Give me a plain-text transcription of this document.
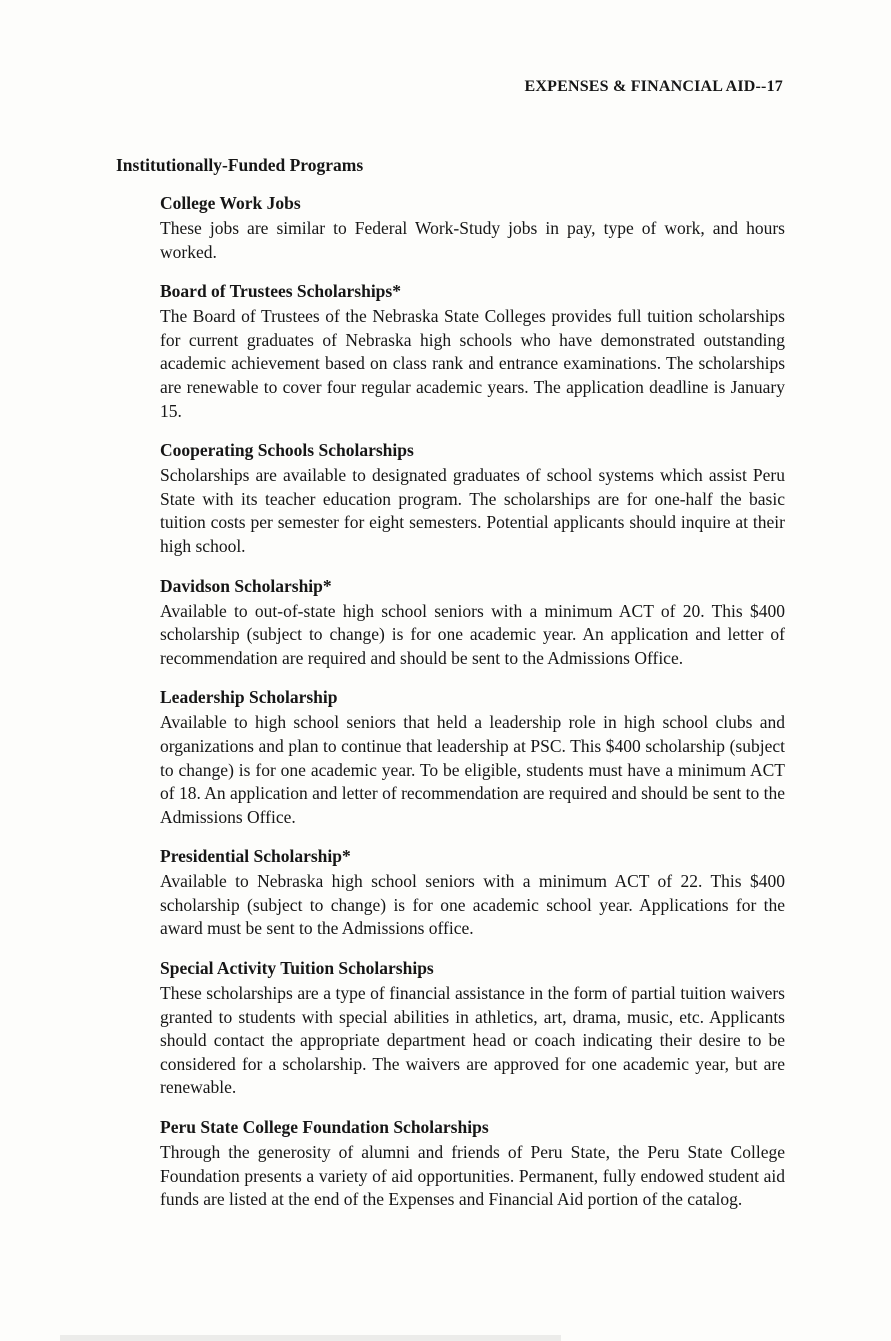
EXPENSES & FINANCIAL AID--17
Institutionally-Funded Programs
College Work Jobs

These jobs are similar to Federal Work-Study jobs in pay, type of work, and hours worked.

Board of Trustees Scholarships*

The Board of Trustees of the Nebraska State Colleges provides full tuition scholarships for current graduates of Nebraska high schools who have demonstrated outstanding academic achievement based on class rank and entrance examinations. The scholarships are renewable to cover four regular academic years. The application deadline is January 15.

Cooperating Schools Scholarships

Scholarships are available to designated graduates of school systems which assist Peru State with its teacher education program. The scholarships are for one-half the basic tuition costs per semester for eight semesters. Potential applicants should inquire at their high school.

Davidson Scholarship*

Available to out-of-state high school seniors with a minimum ACT of 20. This $400 scholarship (subject to change) is for one academic year. An application and letter of recommendation are required and should be sent to the Admissions Office.

Leadership Scholarship

Available to high school seniors that held a leadership role in high school clubs and organizations and plan to continue that leadership at PSC. This $400 scholarship (subject to change) is for one academic year. To be eligible, students must have a minimum ACT of 18. An application and letter of recommendation are required and should be sent to the Admissions Office.

Presidential Scholarship*

Available to Nebraska high school seniors with a minimum ACT of 22. This $400 scholarship (subject to change) is for one academic school year. Applications for the award must be sent to the Admissions office.

Special Activity Tuition Scholarships

These scholarships are a type of financial assistance in the form of partial tuition waivers granted to students with special abilities in athletics, art, drama, music, etc. Applicants should contact the appropriate department head or coach indicating their desire to be considered for a scholarship. The waivers are approved for one academic year, but are renewable.

Peru State College Foundation Scholarships

Through the generosity of alumni and friends of Peru State, the Peru State College Foundation presents a variety of aid opportunities. Permanent, fully endowed student aid funds are listed at the end of the Expenses and Financial Aid portion of the catalog.
